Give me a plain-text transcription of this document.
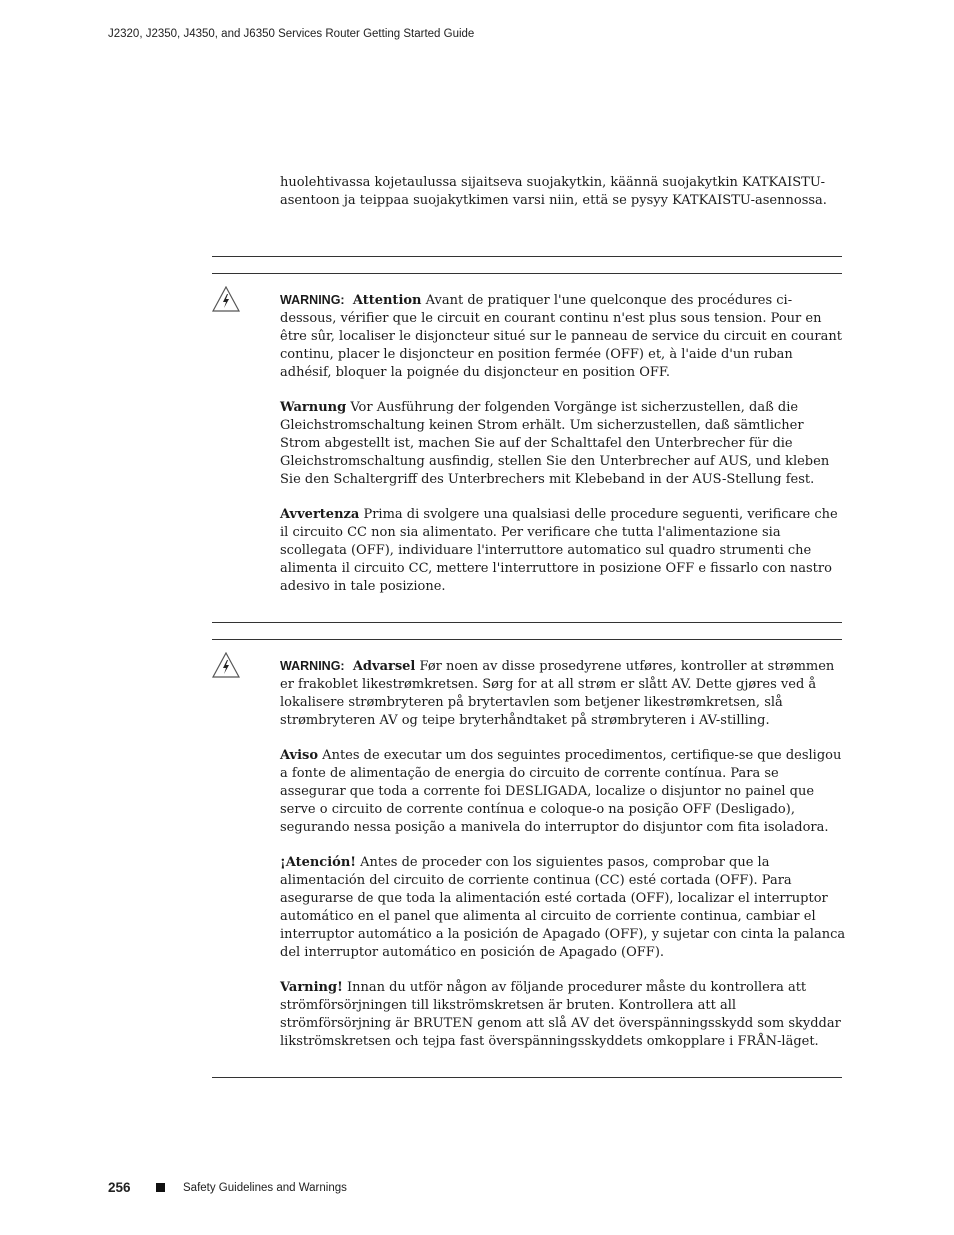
J2320, J2350, J4350, and J6350 Services Router Getting Started Guide

huolehtivassa kojetaulussa sijaitseva suojakytkin, käännä suojakytkin KATKAISTU-asentoon ja teippaa suojakytkimen varsi niin, että se pysyy KATKAISTU-asennossa.

WARNING: Attention Avant de pratiquer l'une quelconque des procédures ci-dessous, vérifier que le circuit en courant continu n'est plus sous tension. Pour en être sûr, localiser le disjoncteur situé sur le panneau de service du circuit en courant continu, placer le disjoncteur en position fermée (OFF) et, à l'aide d'un ruban adhésif, bloquer la poignée du disjoncteur en position OFF.

Warnung Vor Ausführung der folgenden Vorgänge ist sicherzustellen, daß die Gleichstromschaltung keinen Strom erhält. Um sicherzustellen, daß sämtlicher Strom abgestellt ist, machen Sie auf der Schalttafel den Unterbrecher für die Gleichstromschaltung ausfindig, stellen Sie den Unterbrecher auf AUS, und kleben Sie den Schaltergriff des Unterbrechers mit Klebeband in der AUS-Stellung fest.

Avvertenza Prima di svolgere una qualsiasi delle procedure seguenti, verificare che il circuito CC non sia alimentato. Per verificare che tutta l'alimentazione sia scollegata (OFF), individuare l'interruttore automatico sul quadro strumenti che alimenta il circuito CC, mettere l'interruttore in posizione OFF e fissarlo con nastro adesivo in tale posizione.

WARNING: Advarsel Før noen av disse prosedyrene utføres, kontroller at strømmen er frakoblet likestrømkretsen. Sørg for at all strøm er slått AV. Dette gjøres ved å lokalisere strømbryteren på brytertavlen som betjener likestrømkretsen, slå strømbryteren AV og teipe bryterhåndtaket på strømbryteren i AV-stilling.

Aviso Antes de executar um dos seguintes procedimentos, certifique-se que desligou a fonte de alimentação de energia do circuito de corrente contínua. Para se assegurar que toda a corrente foi DESLIGADA, localize o disjuntor no painel que serve o circuito de corrente contínua e coloque-o na posição OFF (Desligado), segurando nessa posição a manivela do interruptor do disjuntor com fita isoladora.

¡Atención! Antes de proceder con los siguientes pasos, comprobar que la alimentación del circuito de corriente continua (CC) esté cortada (OFF). Para asegurarse de que toda la alimentación esté cortada (OFF), localizar el interruptor automático en el panel que alimenta al circuito de corriente continua, cambiar el interruptor automático a la posición de Apagado (OFF), y sujetar con cinta la palanca del interruptor automático en posición de Apagado (OFF).

Varning! Innan du utför någon av följande procedurer måste du kontrollera att strömförsörjningen till likströmskretsen är bruten. Kontrollera att all strömförsörjning är BRUTEN genom att slå AV det överspänningsskydd som skyddar likströmskretsen och tejpa fast överspänningsskyddets omkopplare i FRÅN-läget.

256	Safety Guidelines and Warnings
